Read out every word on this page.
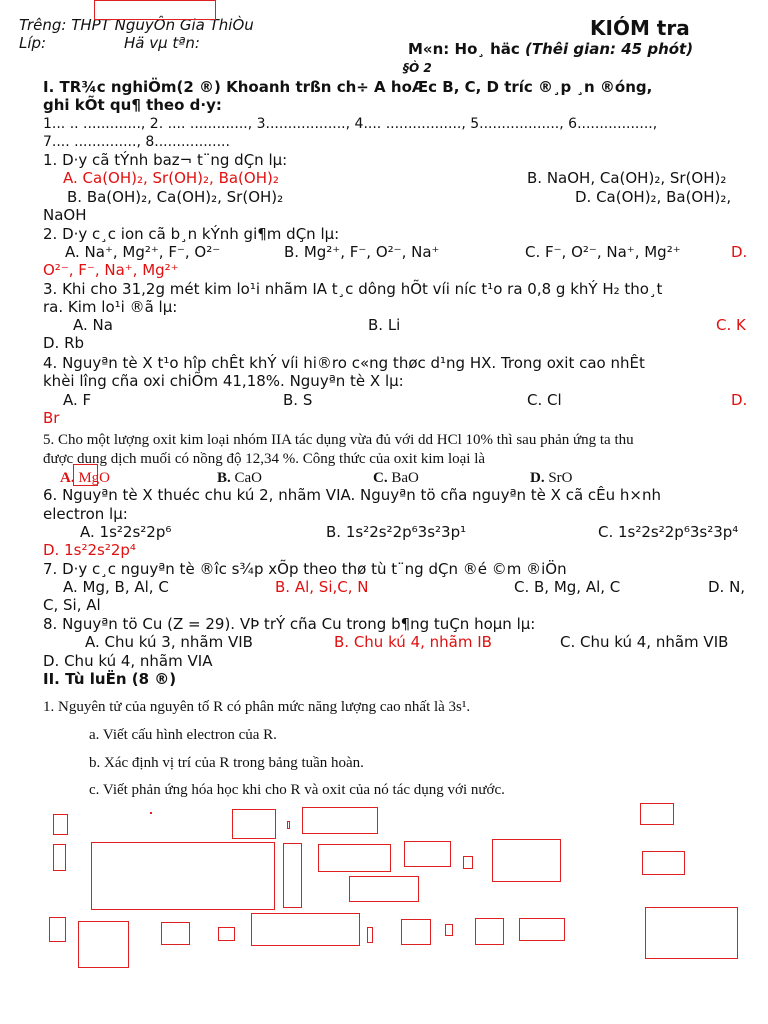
Trêng: THPT NguyÔn Gia ThiÒu
Líp:	Hä vµ tªn:
KIÓM tra
M«n: Ho¸ häc (Thêi gian: 45 phót)
§Ò 2
I. TR¾c nghiÖm(2 ®) Khoanh trßn ch÷ A hoÆc B, C, D tríc ®¸p ¸n ®óng,
ghi kÕt qu¶ theo d·y:
1... .. ............., 2. .... ............., 3.................., 4.... ................., 5.................., 6.................,
7.... .............., 8.................
1. D·y cã tÝnh baz¬ t¨ng dÇn lµ:
A. Ca(OH)₂, Sr(OH)₂, Ba(OH)₂	B. NaOH, Ca(OH)₂, Sr(OH)₂
B. Ba(OH)₂, Ca(OH)₂, Sr(OH)₂	D. Ca(OH)₂, Ba(OH)₂,
NaOH
2. D·y c¸c ion cã b¸n kÝnh gi¶m dÇn lµ:
A. Na⁺, Mg²⁺, F⁻, O²⁻	B. Mg²⁺, F⁻, O²⁻, Na⁺	C. F⁻, O²⁻, Na⁺, Mg²⁺	D.
O²⁻, F⁻, Na⁺, Mg²⁺
3. Khi cho 31,2g mét kim lo¹i nhãm IA t¸c dông hÕt víi níc t¹o ra 0,8 g khÝ H₂ tho¸t
ra. Kim lo¹i ®ã lµ:
A. Na	B. Li	C. K
D. Rb
4. Nguyªn tè X t¹o hîp chÊt khÝ víi hi®ro c«ng thøc d¹ng HX. Trong oxit cao nhÊt
khèi lîng cña oxi chiÕm 41,18%. Nguyªn tè X lµ:
A. F	B. S	C. Cl	D.
Br
5. Cho một lượng oxit kim loại nhóm IIA tác dụng vừa đủ với dd HCl 10% thì sau phản ứng ta thu
được dung dịch muối có nồng độ 12,34 %. Công thức của oxit kim loại là
A. MgO	B. CaO	C. BaO	D. SrO
6. Nguyªn tè X thuéc chu kú 2, nhãm VIA. Nguyªn tö cña nguyªn tè X cã cÊu h×nh
electron lµ:
A. 1s²2s²2p⁶	B. 1s²2s²2p⁶3s²3p¹	C. 1s²2s²2p⁶3s²3p⁴
D. 1s²2s²2p⁴
7. D·y c¸c nguyªn tè ®îc s¾p xÕp theo thø tù t¨ng dÇn ®é ©m ®iÖn
A. Mg, B, Al, C	B. Al, Si,C, N	C. B, Mg, Al, C	D. N,
C, Si, Al
8. Nguyªn tö Cu (Z = 29). VÞ trÝ cña Cu trong b¶ng tuÇn hoµn lµ:
A. Chu kú 3, nhãm VIB	B. Chu kú 4, nhãm IB	C. Chu kú 4, nhãm VIB
D. Chu kú 4, nhãm VIA
II. Tù luËn (8 ®)
1. Nguyên tử của nguyên tố R có phân mức năng lượng cao nhất là 3s¹.
a. Viết cấu hình electron của R.
b. Xác định vị trí của R trong bảng tuần hoàn.
c. Viết phản ứng hóa học khi cho R và oxit của nó tác dụng với nước.
